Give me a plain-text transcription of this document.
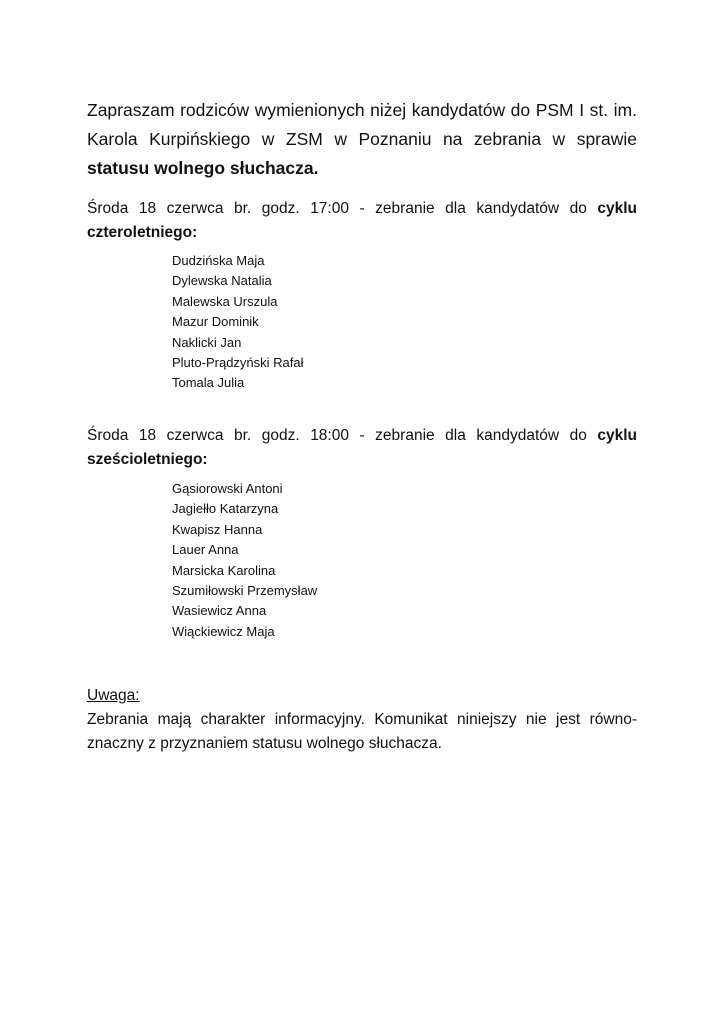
Zapraszam rodziców wymienionych niżej kandydatów do PSM I st. im.
Karola Kurpińskiego w ZSM w Poznaniu na zebrania w sprawie
statusu wolnego słuchacza.

Środa 18 czerwca br. godz. 17:00 - zebranie dla kandydatów do cyklu
czteroletniego:

Dudzińska Maja
Dylewska Natalia
Malewska Urszula
Mazur Dominik
Naklicki Jan
Pluto-Prądzyński Rafał
Tomala Julia

Środa 18 czerwca br. godz. 18:00 - zebranie dla kandydatów do cyklu
sześcioletniego:

Gąsiorowski Antoni
Jagiełło Katarzyna
Kwapisz Hanna
Lauer Anna
Marsicka Karolina
Szumiłowski Przemysław
Wasiewicz Anna
Wiąckiewicz Maja
Uwaga:
Zebrania mają charakter informacyjny. Komunikat niniejszy nie jest równo-
znaczny z przyznaniem statusu wolnego słuchacza.
